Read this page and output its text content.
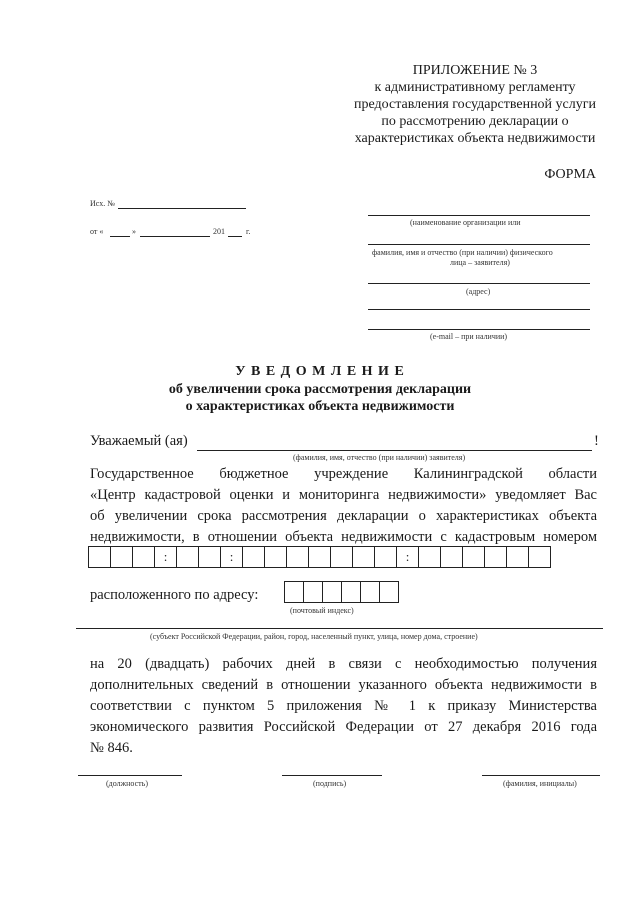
ПРИЛОЖЕНИЕ № 3
к административному регламенту
предоставления государственной услуги
по рассмотрению декларации о
характеристиках объекта недвижимости
ФОРМА
Исх. №
от «	»	201	г.
(наименование организации или
фамилия, имя и отчество (при наличии) физического
лица – заявителя)
(адрес)
(e-mail – при наличии)
У В Е Д О М Л Е Н И Е
об увеличении срока рассмотрения декларации
о характеристиках объекта недвижимости
Уважаемый (ая)
(фамилия, имя, отчество (при наличии) заявителя)
!
Государственное бюджетное учреждение Калининградской области
«Центр кадастровой оценки и мониторинга недвижимости» уведомляет Вас
об увеличении срока рассмотрения декларации о характеристиках объекта
недвижимости, в отношении объекта недвижимости с кадастровым номером
:	:	:
расположенного по адресу:
(почтовый индекс)
(субъект Российской Федерации, район, город, населенный пункт, улица, номер дома, строение)
на 20 (двадцать) рабочих дней в связи с необходимостью получения
дополнительных сведений в отношении указанного объекта недвижимости в
соответствии с пунктом 5 приложения № 1 к приказу Министерства
экономического развития Российской Федерации от 27 декабря 2016 года
№ 846.
(должность)	(подпись)	(фамилия, инициалы)
